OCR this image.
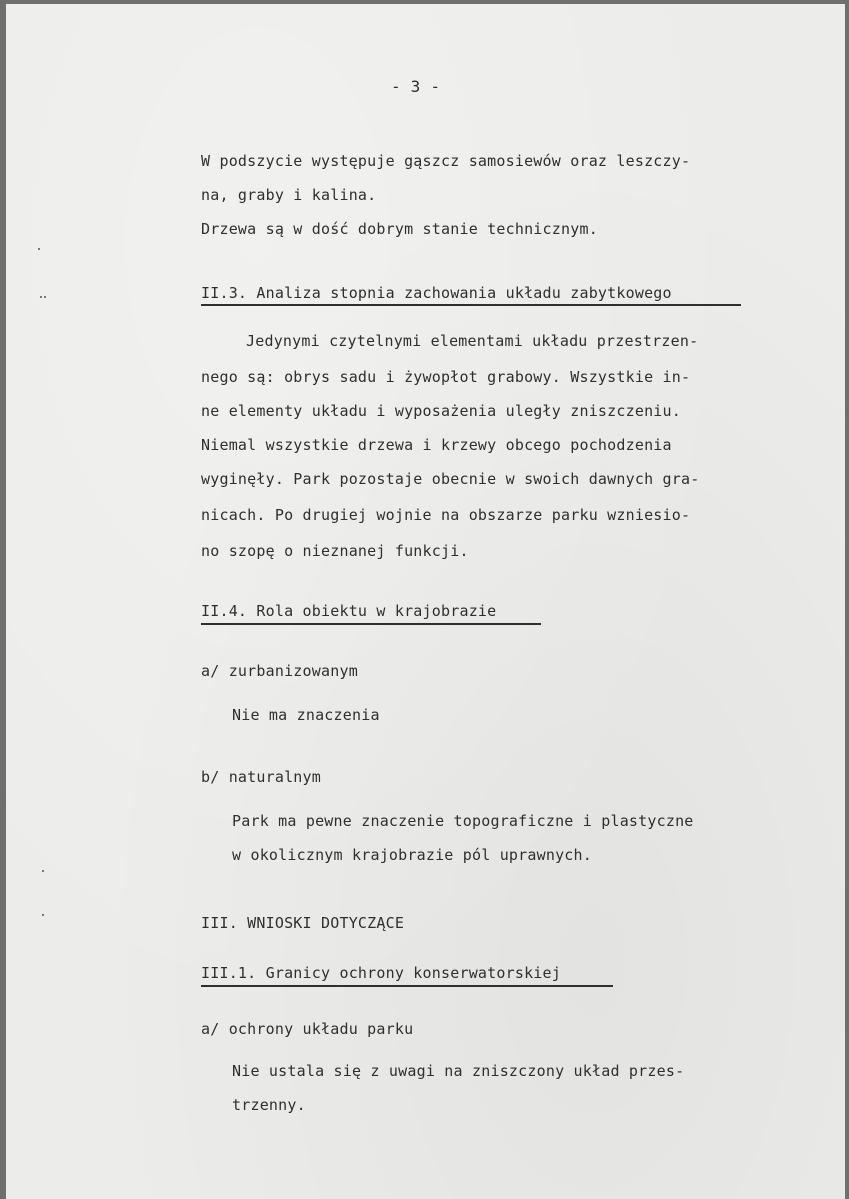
- 3 -
W podszycie występuje gąszcz samosiewów oraz leszczy-
na, graby i kalina.
Drzewa są w dość dobrym stanie technicznym.
II.3. Analiza stopnia zachowania układu zabytkowego
Jedynymi czytelnymi elementami układu przestrzen-
nego są: obrys sadu i żywopłot grabowy. Wszystkie in-
ne elementy układu i wyposażenia uległy zniszczeniu.
Niemal wszystkie drzewa i krzewy obcego pochodzenia
wyginęły. Park pozostaje obecnie w swoich dawnych gra-
nicach. Po drugiej wojnie na obszarze parku wzniesio-
no szopę o nieznanej funkcji.
II.4. Rola obiektu w krajobrazie
a/ zurbanizowanym
Nie ma znaczenia
b/ naturalnym
Park ma pewne znaczenie topograficzne i plastyczne
w okolicznym krajobrazie pól uprawnych.
III. WNIOSKI DOTYCZĄCE
III.1. Granicy ochrony konserwatorskiej
a/ ochrony układu parku
Nie ustala się z uwagi na zniszczony układ przes-
trzenny.
